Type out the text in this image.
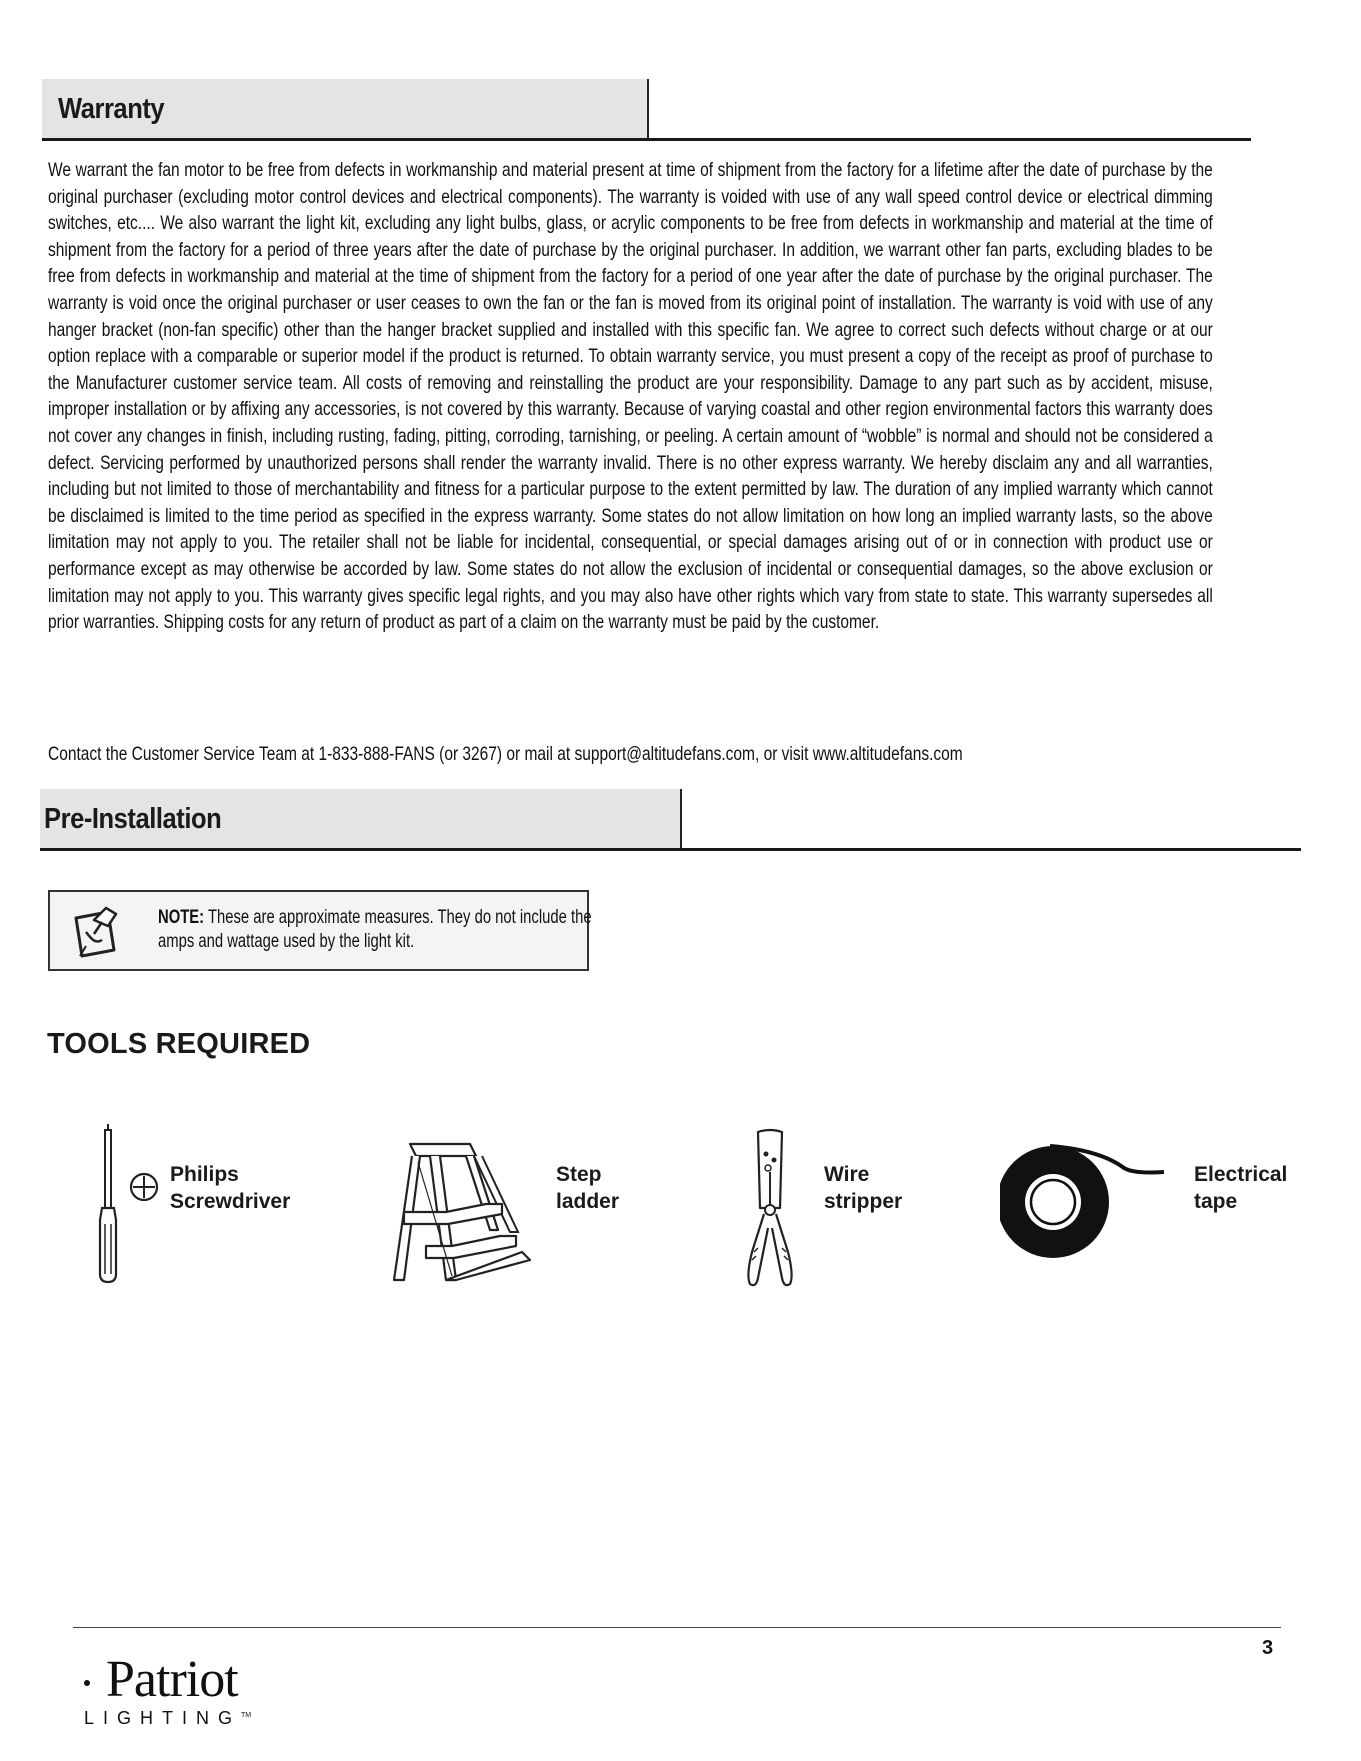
Warranty
We warrant the fan motor to be free from defects in workmanship and material present at time of shipment from the factory for a lifetime after the date of purchase by the original purchaser (excluding motor control devices and electrical components). The warranty is voided with use of any wall speed control device or electrical dimming switches, etc.... We also warrant the light kit, excluding any light bulbs, glass, or acrylic components to be free from defects in workmanship and material at the time of shipment from the factory for a period of three years after the date of purchase by the original purchaser. In addition, we warrant other fan parts, excluding blades to be free from defects in workmanship and material at the time of shipment from the factory for a period of one year after the date of purchase by the original purchaser. The warranty is void once the original purchaser or user ceases to own the fan or the fan is moved from its original point of installation. The warranty is void with use of any hanger bracket (non-fan specific) other than the hanger bracket supplied and installed with this specific fan. We agree to correct such defects without charge or at our option replace with a comparable or superior model if the product is returned. To obtain warranty service, you must present a copy of the receipt as proof of purchase to the Manufacturer customer service team. All costs of removing and reinstalling the product are your responsibility. Damage to any part such as by accident, misuse, improper installation or by affixing any accessories, is not covered by this warranty. Because of varying coastal and other region environmental factors this warranty does not cover any changes in finish, including rusting, fading, pitting, corroding, tarnishing, or peeling. A certain amount of “wobble” is normal and should not be considered a defect. Servicing performed by unauthorized persons shall render the warranty invalid. There is no other express warranty. We hereby disclaim any and all warranties, including but not limited to those of merchantability and fitness for a particular purpose to the extent permitted by law. The duration of any implied warranty which cannot be disclaimed is limited to the time period as specified in the express warranty. Some states do not allow limitation on how long an implied warranty lasts, so the above limitation may not apply to you. The retailer shall not be liable for incidental, consequential, or special damages arising out of or in connection with product use or performance except as may otherwise be accorded by law. Some states do not allow the exclusion of incidental or consequential damages, so the above exclusion or limitation may not apply to you. This warranty gives specific legal rights, and you may also have other rights which vary from state to state. This warranty supersedes all prior warranties. Shipping costs for any return of product as part of a claim on the warranty must be paid by the customer.
Contact the Customer Service Team at 1-833-888-FANS (or 3267) or mail at support@altitudefans.com, or visit www.altitudefans.com
Pre-Installation
NOTE: These are approximate measures. They do not include the amps and wattage used by the light kit.
TOOLS REQUIRED
Philips
Screwdriver
Step
ladder
Wire
stripper
Electrical
tape
3
Patriot
LIGHTING™
